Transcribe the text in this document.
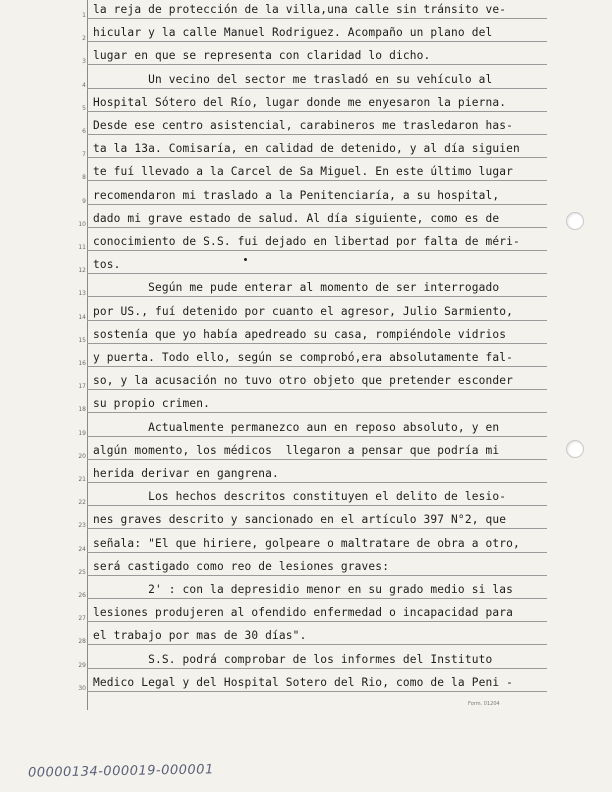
Form. 01204
00000134-000019-000001
la reja de protección de la villa,una calle sin tránsito ve-
1
hicular y la calle Manuel Rodriguez. Acompaño un plano del
2
lugar en que se representa con claridad lo dicho.
3
Un vecino del sector me trasladó en su vehículo al
4
Hospital Sótero del Río, lugar donde me enyesaron la pierna.
5
Desde ese centro asistencial, carabineros me trasledaron has-
6
ta la 13a. Comisaría, en calidad de detenido, y al día siguien
7
te fuí llevado a la Carcel de Sa Miguel. En este último lugar
8
recomendaron mi traslado a la Penitenciaría, a su hospital,
9
dado mi grave estado de salud. Al día siguiente, como es de
10
conocimiento de S.S. fui dejado en libertad por falta de méri-
11
tos.
12
Según me pude enterar al momento de ser interrogado
13
por US., fuí detenido por cuanto el agresor, Julio Sarmiento,
14
sostenía que yo había apedreado su casa, rompiéndole vidrios
15
y puerta. Todo ello, según se comprobó,era absolutamente fal-
16
so, y la acusación no tuvo otro objeto que pretender esconder
17
su propio crimen.
18
Actualmente permanezco aun en reposo absoluto, y en
19
algún momento, los médicos  llegaron a pensar que podría mi
20
herida derivar en gangrena.
21
Los hechos descritos constituyen el delito de lesio-
22
nes graves descrito y sancionado en el artículo 397 N°2, que
23
señala: "El que hiriere, golpeare o maltratare de obra a otro,
24
será castigado como reo de lesiones graves:
25
2' : con la depresidio menor en su grado medio si las
26
lesiones produjeren al ofendido enfermedad o incapacidad para
27
el trabajo por mas de 30 días".
28
S.S. podrá comprobar de los informes del Instituto
29
Medico Legal y del Hospital Sotero del Rio, como de la Peni -
30
